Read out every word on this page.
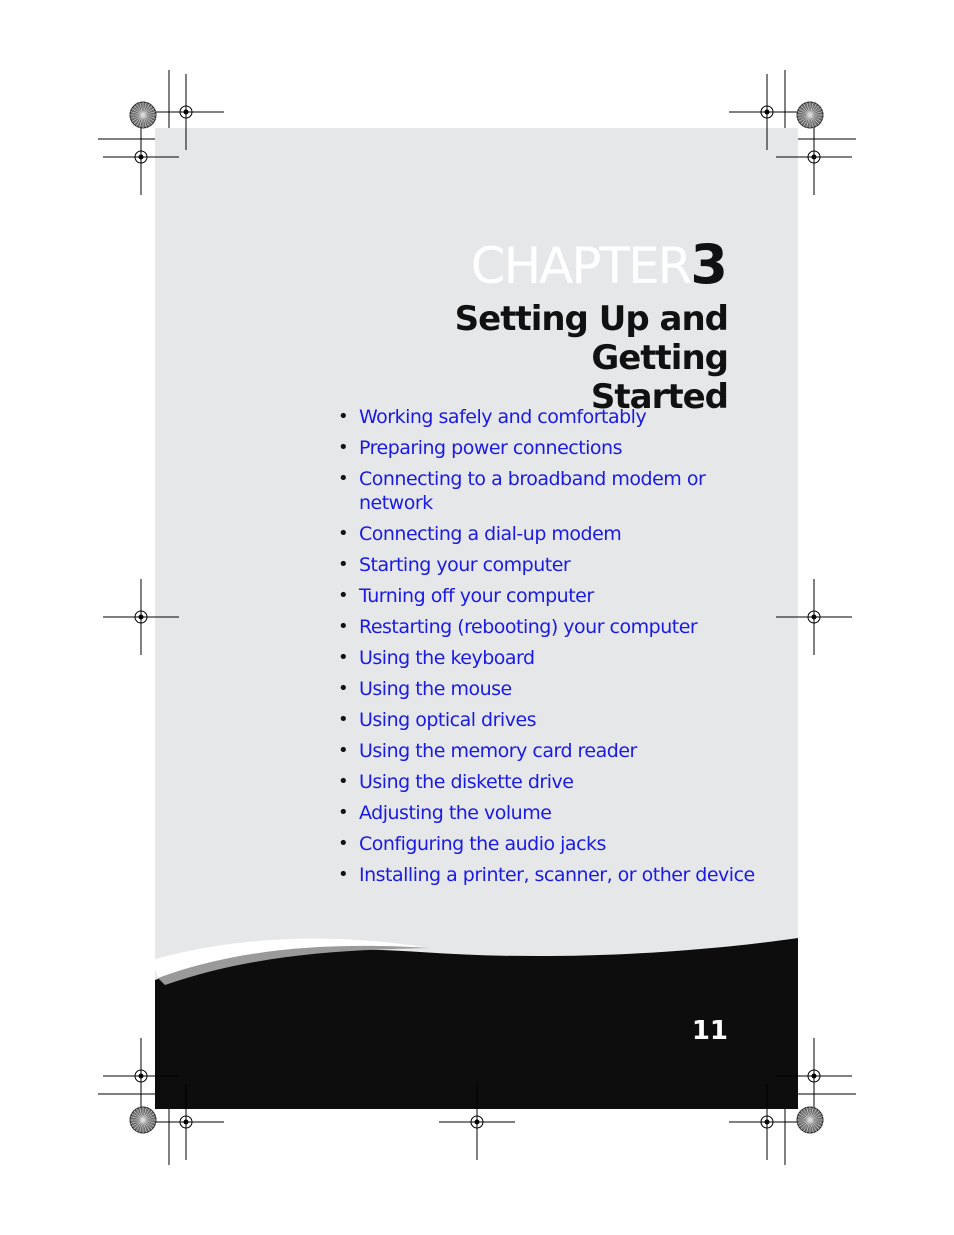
CHAPTER3
Setting Up and Getting
Started
• Working safely and comfortably
• Preparing power connections
• Connecting to a broadband modem or
network
• Connecting a dial-up modem
• Starting your computer
• Turning off your computer
• Restarting (rebooting) your computer
• Using the keyboard
• Using the mouse
• Using optical drives
• Using the memory card reader
• Using the diskette drive
• Adjusting the volume
• Configuring the audio jacks
• Installing a printer, scanner, or other device
11
